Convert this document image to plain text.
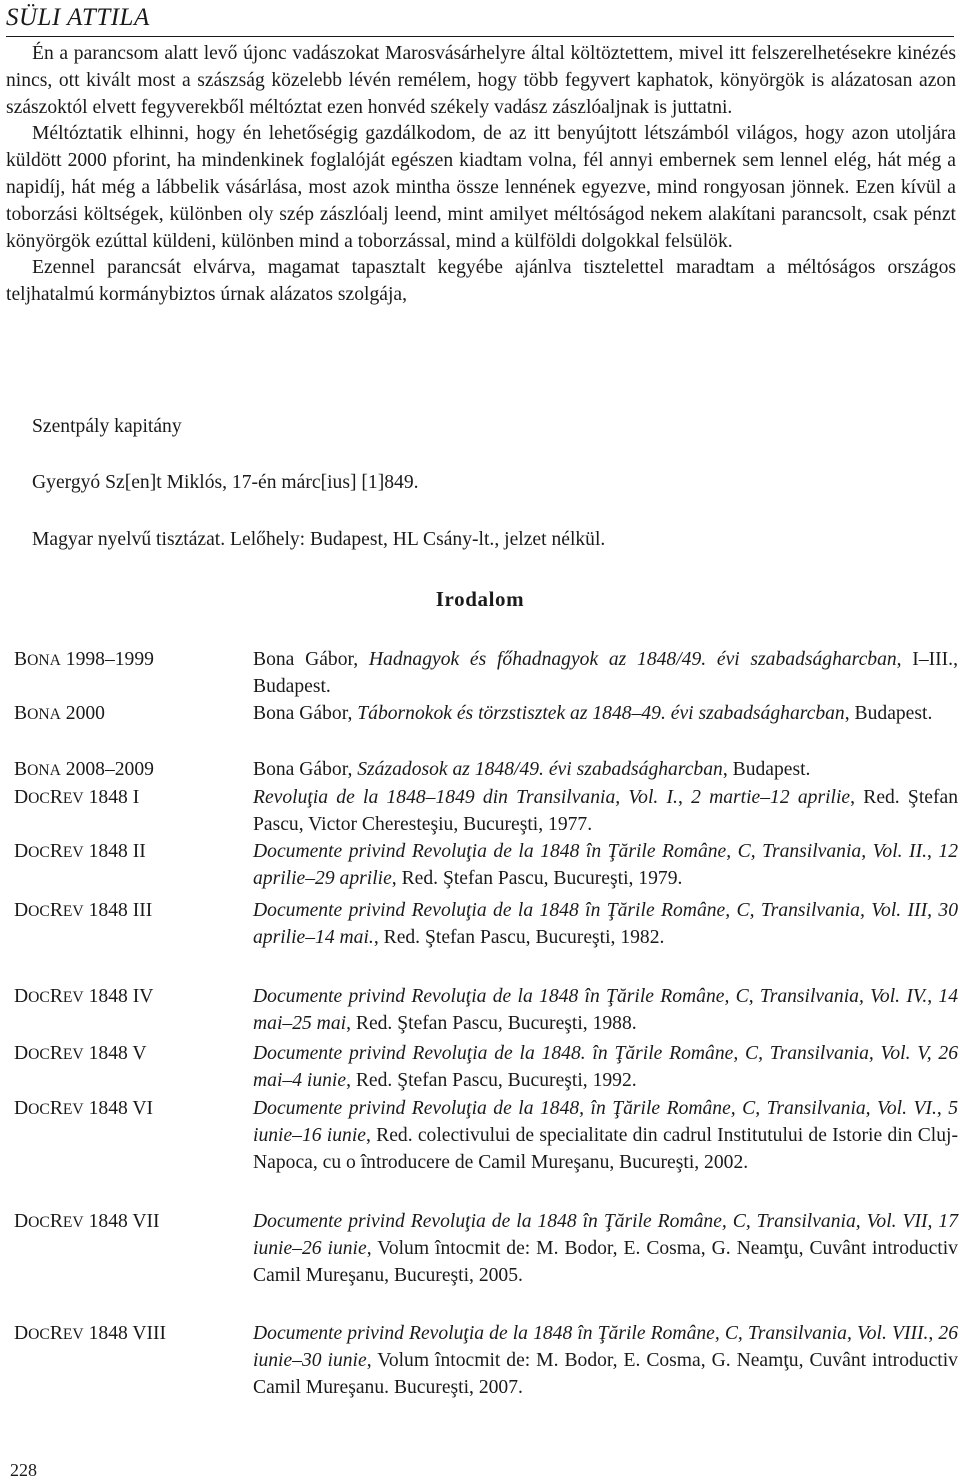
SÜLI ATTILA

Én a parancsom alatt levő újonc vadászokat Marosvásárhelyre által költöztettem, mivel itt felszerelhetésekre kinézés nincs, ott kivált most a szászság közelebb lévén remélem, hogy több fegyvert kaphatok, könyörgök is alázatosan azon szászoktól elvett fegyverekből méltóztat ezen honvéd székely vadász zászlóaljnak is juttatni.

Méltóztatik elhinni, hogy én lehetőségig gazdálkodom, de az itt benyújtott létszámból világos, hogy azon utoljára küldött 2000 pforint, ha mindenkinek foglalóját egészen kiadtam volna, fél annyi embernek sem lennel elég, hát még a napidíj, hát még a lábbelik vásárlása, most azok mintha össze lennének egyezve, mind rongyosan jönnek. Ezen kívül a toborzási költségek, különben oly szép zászlóalj leend, mint amilyet méltóságod nekem alakítani parancsolt, csak pénzt könyörgök ezúttal küldeni, különben mind a toborzással, mind a külföldi dolgokkal felsülök.

Ezennel parancsát elvárva, magamat tapasztalt kegyébe ajánlva tisztelettel maradtam a méltóságos országos teljhatalmú kormánybiztos úrnak alázatos szolgája,

Szentpály kapitány
Gyergyó Sz[en]t Miklós, 17-én márc[ius] [1]849.
Magyar nyelvű tisztázat. Lelőhely: Budapest, HL Csány-lt., jelzet nélkül.
Irodalom
BONA 1998–1999	Bona Gábor, Hadnagyok és főhadnagyok az 1848/49. évi szabadságharcban, I–III., Budapest.
BONA 2000	Bona Gábor, Tábornokok és törzstisztek az 1848–49. évi szabadságharcban, Budapest.
BONA 2008–2009	Bona Gábor, Századosok az 1848/49. évi szabadságharcban, Budapest.
DOCREV 1848 I	Revoluţia de la 1848–1849 din Transilvania, Vol. I., 2 martie–12 aprilie, Red. Ştefan Pascu, Victor Cheresteşiu, Bucureşti, 1977.
DOCREV 1848 II	Documente privind Revoluţia de la 1848 în Ţările Române, C, Transilvania, Vol. II., 12 aprilie–29 aprilie, Red. Ştefan Pascu, Bucureşti, 1979.
DOCREV 1848 III	Documente privind Revoluţia de la 1848 în Ţările Române, C, Transilvania, Vol. III, 30 aprilie–14 mai., Red. Ştefan Pascu, Bucureşti, 1982.
DOCREV 1848 IV	Documente privind Revoluţia de la 1848 în Ţările Române, C, Transilvania, Vol. IV., 14 mai–25 mai, Red. Ştefan Pascu, Bucureşti, 1988.
DOCREV 1848 V	Documente privind Revoluţia de la 1848. în Ţările Române, C, Transilvania, Vol. V, 26 mai–4 iunie, Red. Ştefan Pascu, Bucureşti, 1992.
DOCREV 1848 VI	Documente privind Revoluţia de la 1848, în Ţările Române, C, Transilvania, Vol. VI., 5 iunie–16 iunie, Red. colectivului de specialitate din cadrul Institutului de Istorie din Cluj-Napoca, cu o întroducere de Camil Mureşanu, Bucureşti, 2002.
DOCREV 1848 VII	Documente privind Revoluţia de la 1848 în Ţările Române, C, Transilvania, Vol. VII, 17 iunie–26 iunie, Volum întocmit de: M. Bodor, E. Cosma, G. Neamţu, Cuvânt introductiv Camil Mureşanu, Bucureşti, 2005.
DOCREV 1848 VIII	Documente privind Revoluţia de la 1848 în Ţările Române, C, Transilvania, Vol. VIII., 26 iunie–30 iunie, Volum întocmit de: M. Bodor, E. Cosma, G. Neamţu, Cuvânt introductiv Camil Mureşanu. Bucureşti, 2007.
228
